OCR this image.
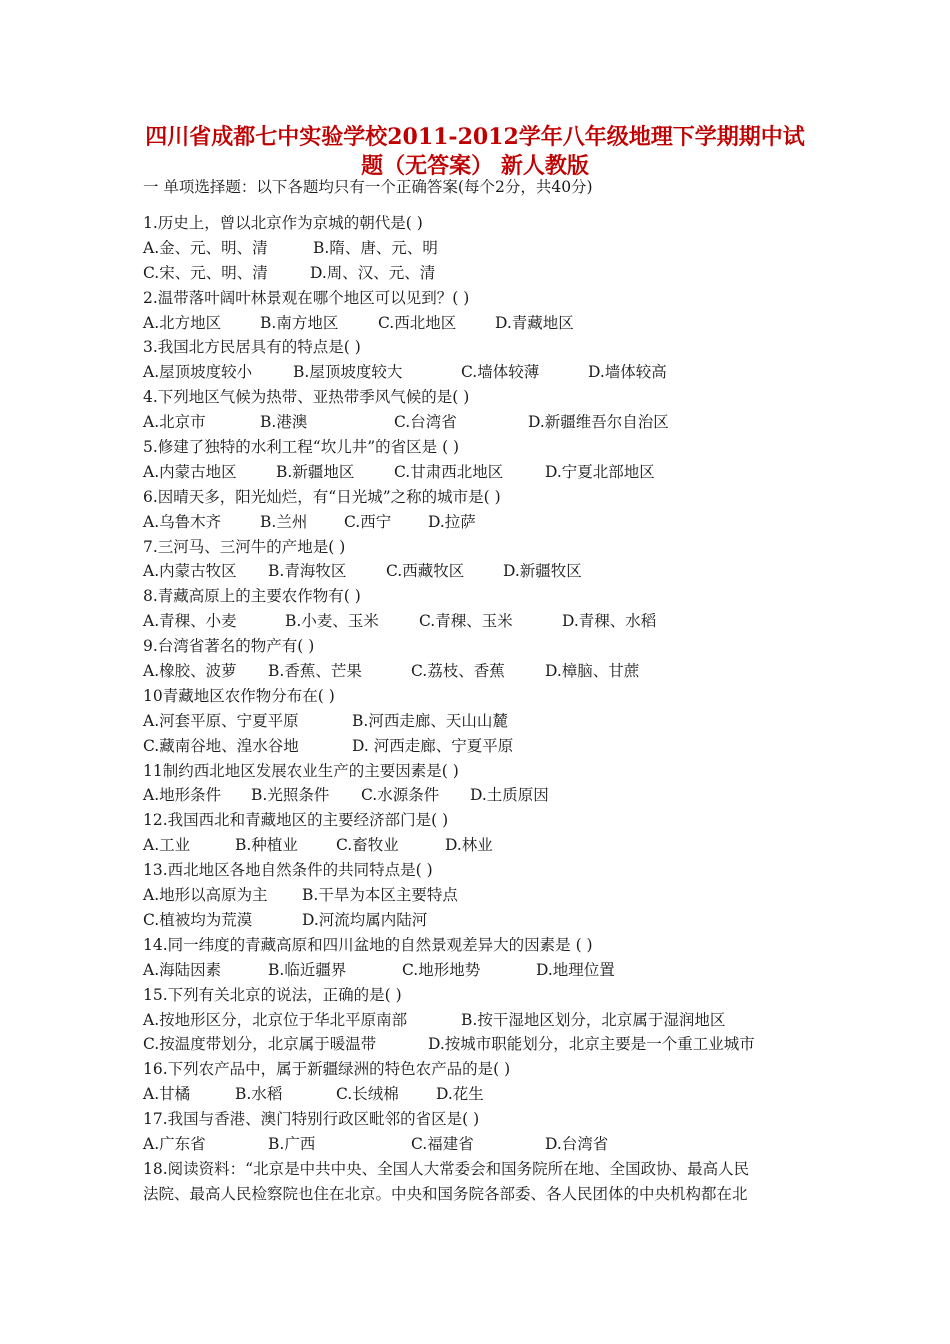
四川省成都七中实验学校2011-2012学年八年级地理下学期期中试
题（无答案） 新人教版
一 单项选择题：以下各题均只有一个正确答案(每个2分，共40分)
1.历史上，曾以北京作为京城的朝代是( )
A.金、元、明、清	B.隋、唐、元、明
C.宋、元、明、清	D.周、汉、元、清
2.温带落叶阔叶林景观在哪个地区可以见到？( )
A.北方地区	B.南方地区	C.西北地区	D.青藏地区
3.我国北方民居具有的特点是( )
A.屋顶坡度较小	B.屋顶坡度较大	C.墙体较薄	D.墙体较高
4.下列地区气候为热带、亚热带季风气候的是( )
A.北京市	B.港澳	C.台湾省	D.新疆维吾尔自治区
5.修建了独特的水利工程“坎儿井”的省区是 ( )
A.内蒙古地区	B.新疆地区	C.甘肃西北地区	D.宁夏北部地区
6.因晴天多，阳光灿烂，有“日光城”之称的城市是( )
A.乌鲁木齐	B.兰州 C.西宁 D.拉萨
7.三河马、三河牛的产地是( )
A.内蒙古牧区 B.青海牧区	C.西藏牧区	D.新疆牧区
8.青藏高原上的主要农作物有( )
A.青稞、小麦	B.小麦、玉米	C.青稞、玉米	D.青稞、水稻
9.台湾省著名的物产有( )
A.橡胶、波萝 B.香蕉、芒果	C.荔枝、香蕉	D.樟脑、甘蔗
10青藏地区农作物分布在( )
A.河套平原、宁夏平原	B.河西走廊、天山山麓
C.藏南谷地、湟水谷地	D. 河西走廊、宁夏平原
11制约西北地区发展农业生产的主要因素是( )
A.地形条件 B.光照条件 C.水源条件 D.土质原因
12.我国西北和青藏地区的主要经济部门是( )
A.工业	B.种植业 C.畜牧业	D.林业
13.西北地区各地自然条件的共同特点是( )
A.地形以高原为主 B.干旱为本区主要特点
C.植被均为荒漠	D.河流均属内陆河
14.同一纬度的青藏高原和四川盆地的自然景观差异大的因素是 ( )
A.海陆因素	B.临近疆界	C.地形地势	D.地理位置
15.下列有关北京的说法，正确的是( )
A.按地形区分，北京位于华北平原南部	B.按干湿地区划分，北京属于湿润地区
C.按温度带划分，北京属于暖温带	D.按城市职能划分，北京主要是一个重工业城市
16.下列农产品中，属于新疆绿洲的特色农产品的是( )
A.甘橘	B.水稻	C.长绒棉 D.花生
17.我国与香港、澳门特别行政区毗邻的省区是( )
A.广东省	B.广西	C.福建省	D.台湾省
18.阅读资料：“北京是中共中央、全国人大常委会和国务院所在地、全国政协、最高人民
法院、最高人民检察院也住在北京。中央和国务院各部委、各人民团体的中央机构都在北
